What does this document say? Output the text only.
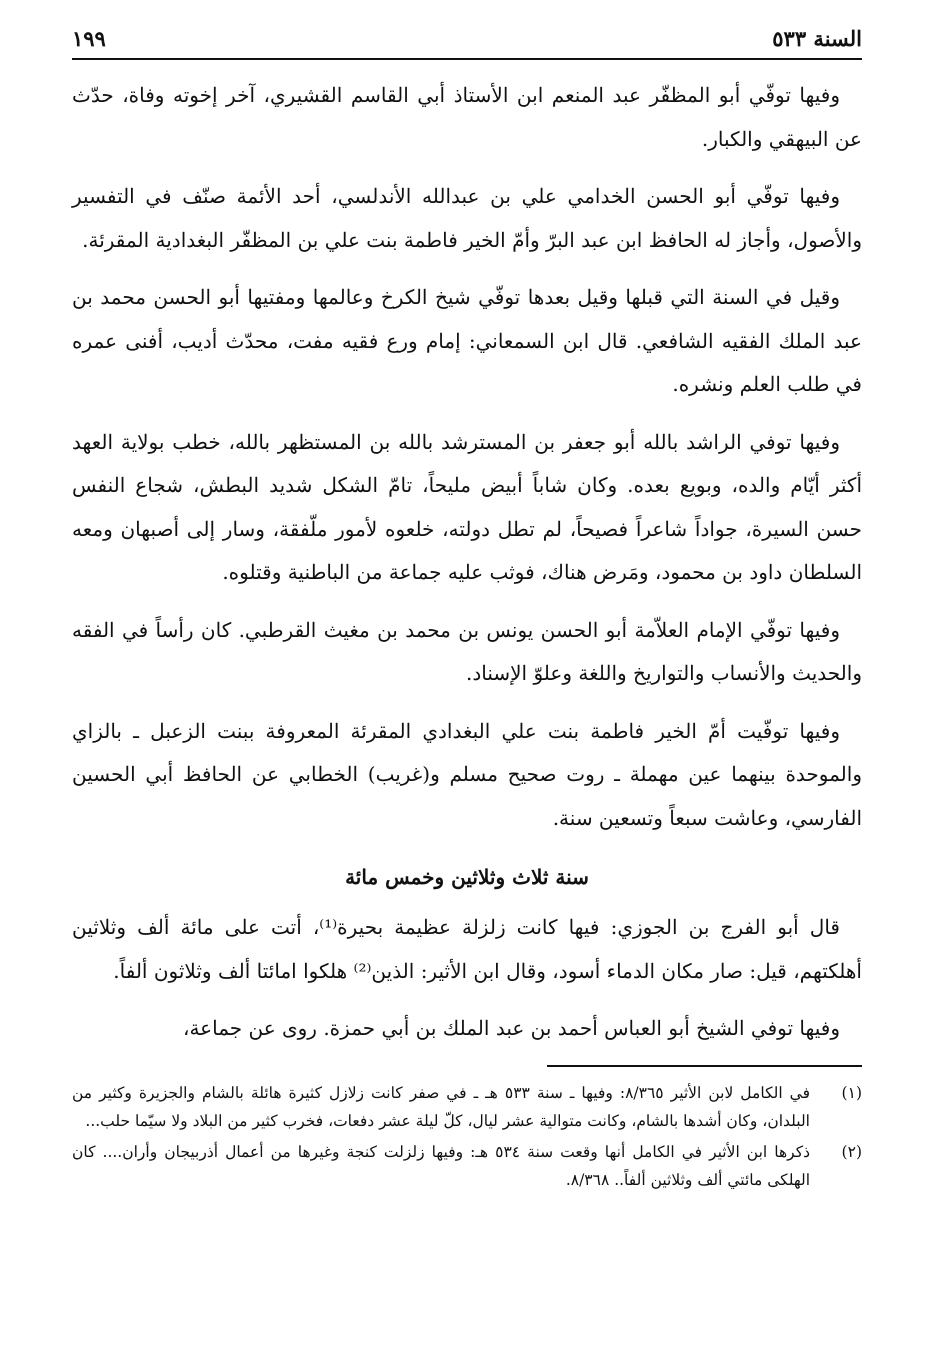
السنة ٥٣٣
١٩٩

وفيها توفّي أبو المظفّر عبد المنعم ابن الأستاذ أبي القاسم القشيري، آخر إخوته وفاة، حدّث عن البيهقي والكبار.

وفيها توفّي أبو الحسن الخدامي علي بن عبدالله الأندلسي، أحد الأئمة صنّف في التفسير والأصول، وأجاز له الحافظ ابن عبد البرّ وأمّ الخير فاطمة بنت علي بن المظفّر البغدادية المقرئة.

وقيل في السنة التي قبلها وقيل بعدها توفّي شيخ الكرخ وعالمها ومفتيها أبو الحسن محمد بن عبد الملك الفقيه الشافعي. قال ابن السمعاني: إمام ورع فقيه مفت، محدّث أديب، أفنى عمره في طلب العلم ونشره.

وفيها توفي الراشد بالله أبو جعفر بن المسترشد بالله بن المستظهر بالله، خطب بولاية العهد أكثر أيّام والده، وبويع بعده. وكان شاباً أبيض مليحاً، تامّ الشكل شديد البطش، شجاع النفس حسن السيرة، جواداً شاعراً فصيحاً، لم تطل دولته، خلعوه لأمور ملّفقة، وسار إلى أصبهان ومعه السلطان داود بن محمود، ومَرض هناك، فوثب عليه جماعة من الباطنية وقتلوه.

وفيها توفّي الإمام العلاّمة أبو الحسن يونس بن محمد بن مغيث القرطبي. كان رأساً في الفقه والحديث والأنساب والتواريخ واللغة وعلوّ الإسناد.

وفيها توفّيت أمّ الخير فاطمة بنت علي البغدادي المقرئة المعروفة ببنت الزعبل ـ بالزاي والموحدة بينهما عين مهملة ـ روت صحيح مسلم و(غريب) الخطابي عن الحافظ أبي الحسين الفارسي، وعاشت سبعاً وتسعين سنة.

سنة ثلاث وثلاثين وخمس مائة

قال أبو الفرج بن الجوزي: فيها كانت زلزلة عظيمة بحيرة⁽¹⁾، أتت على مائة ألف وثلاثين أهلكتهم، قيل: صار مكان الدماء أسود، وقال ابن الأثير: الذين⁽²⁾ هلكوا امائتا ألف وثلاثون ألفاً.

وفيها توفي الشيخ أبو العباس أحمد بن عبد الملك بن أبي حمزة. روى عن جماعة،

(١)
في الكامل لابن الأثير ٨/٣٦٥: وفيها ـ سنة ٥٣٣ هـ ـ في صفر كانت زلازل كثيرة هائلة بالشام والجزيرة وكثير من البلدان، وكان أشدها بالشام، وكانت متوالية عشر ليال، كلّ ليلة عشر دفعات، فخرب كثير من البلاد ولا سيّما حلب...
(٢)
ذكرها ابن الأثير في الكامل أنها وقعت سنة ٥٣٤ هـ: وفيها زلزلت كنجة وغيرها من أعمال أذربيجان وأران.... كان الهلكى مائتي ألف وثلاثين ألفاً.. ٨/٣٦٨.
